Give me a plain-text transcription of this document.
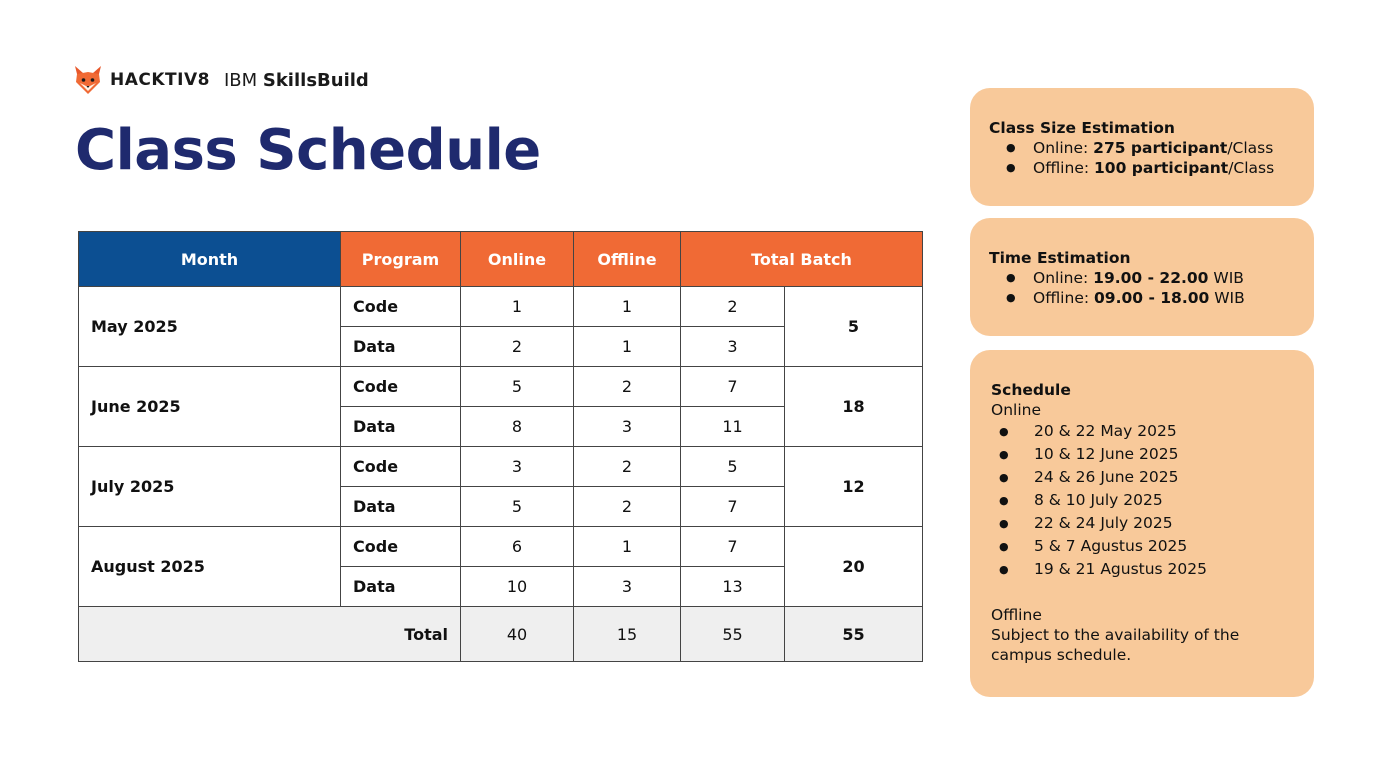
HACKTIV8 IBM SkillsBuild
Class Schedule
Month	Program	Online	Offline	Total Batch	
May 2025	Code	1	1	2	5
	Data	2	1	3	
June 2025	Code	5	2	7	18
	Data	8	3	11	
July 2025	Code	3	2	5	12
	Data	5	2	7	
August 2025	Code	6	1	7	20
	Data	10	3	13	
Total		40	15	55	55
Class Size Estimation
● Online: 275 participant/Class
● Offline: 100 participant/Class
Time Estimation
● Online: 19.00 - 22.00 WIB
● Offline: 09.00 - 18.00 WIB
Schedule
Online
● 20 & 22 May 2025
● 10 & 12 June 2025
● 24 & 26 June 2025
● 8 & 10 July 2025
● 22 & 24 July 2025
● 5 & 7 Agustus 2025
● 19 & 21 Agustus 2025
Offline
Subject to the availability of the
campus schedule.
